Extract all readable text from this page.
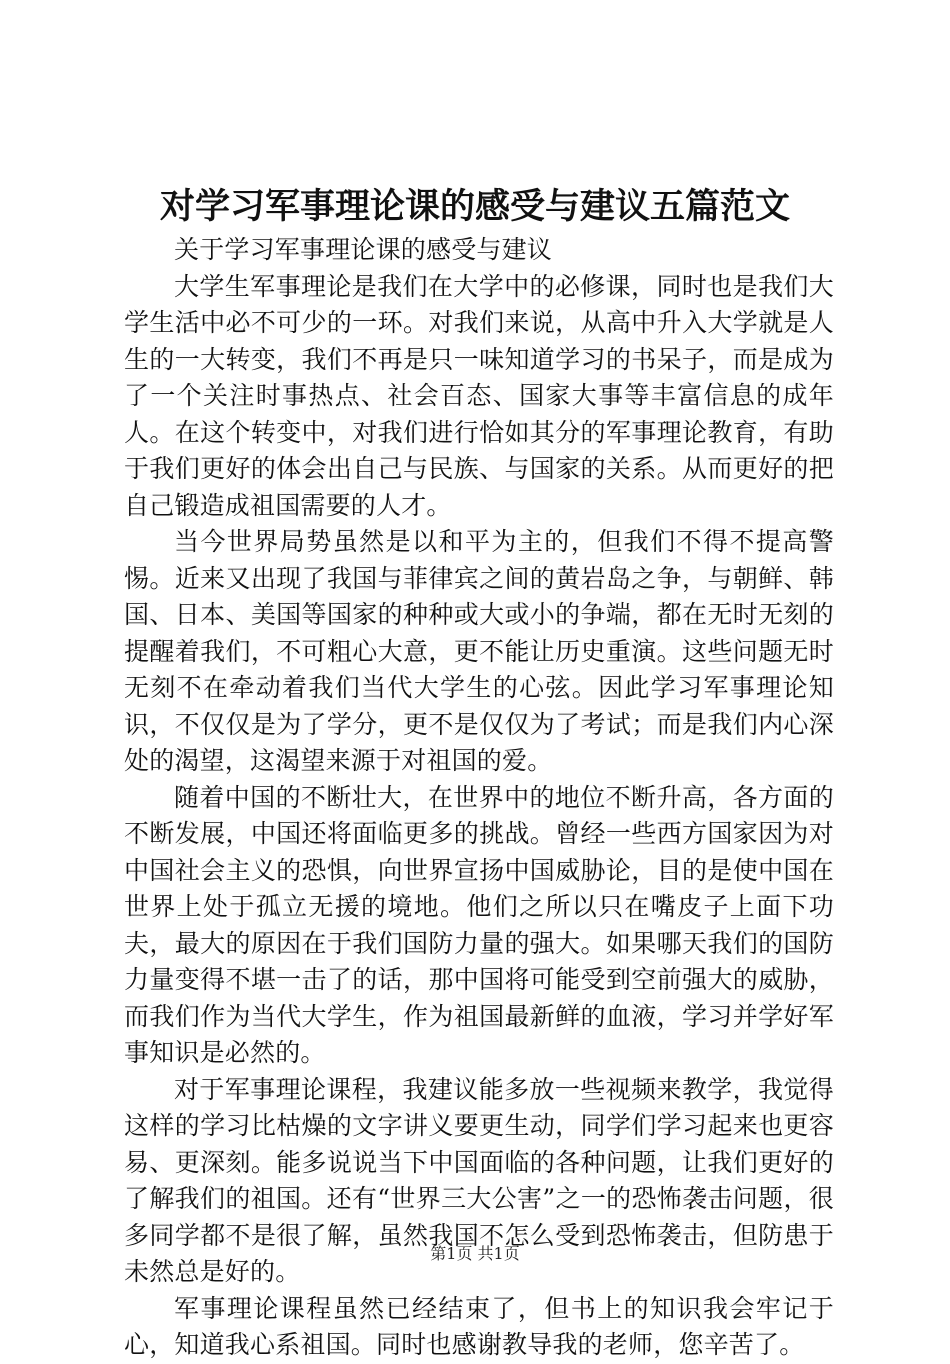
对学习军事理论课的感受与建议五篇范文

关于学习军事理论课的感受与建议

大学生军事理论是我们在大学中的必修课，同时也是我们大学生活中必不可少的一环。对我们来说，从高中升入大学就是人生的一大转变，我们不再是只一味知道学习的书呆子，而是成为了一个关注时事热点、社会百态、国家大事等丰富信息的成年人。在这个转变中，对我们进行恰如其分的军事理论教育，有助于我们更好的体会出自己与民族、与国家的关系。从而更好的把自己锻造成祖国需要的人才。

当今世界局势虽然是以和平为主的，但我们不得不提高警惕。近来又出现了我国与菲律宾之间的黄岩岛之争，与朝鲜、韩国、日本、美国等国家的种种或大或小的争端，都在无时无刻的提醒着我们，不可粗心大意，更不能让历史重演。这些问题无时无刻不在牵动着我们当代大学生的心弦。因此学习军事理论知识，不仅仅是为了学分，更不是仅仅为了考试；而是我们内心深处的渴望，这渴望来源于对祖国的爱。

随着中国的不断壮大，在世界中的地位不断升高，各方面的不断发展，中国还将面临更多的挑战。曾经一些西方国家因为对中国社会主义的恐惧，向世界宣扬中国威胁论，目的是使中国在世界上处于孤立无援的境地。他们之所以只在嘴皮子上面下功夫，最大的原因在于我们国防力量的强大。如果哪天我们的国防力量变得不堪一击了的话，那中国将可能受到空前强大的威胁，而我们作为当代大学生，作为祖国最新鲜的血液，学习并学好军事知识是必然的。

对于军事理论课程，我建议能多放一些视频来教学，我觉得这样的学习比枯燥的文字讲义要更生动，同学们学习起来也更容易、更深刻。能多说说当下中国面临的各种问题，让我们更好的了解我们的祖国。还有“世界三大公害”之一的恐怖袭击问题，很多同学都不是很了解，虽然我国不怎么受到恐怖袭击，但防患于未然总是好的。

军事理论课程虽然已经结束了，但书上的知识我会牢记于心，知道我心系祖国。同时也感谢教导我的老师，您辛苦了。

第1页 共1页
